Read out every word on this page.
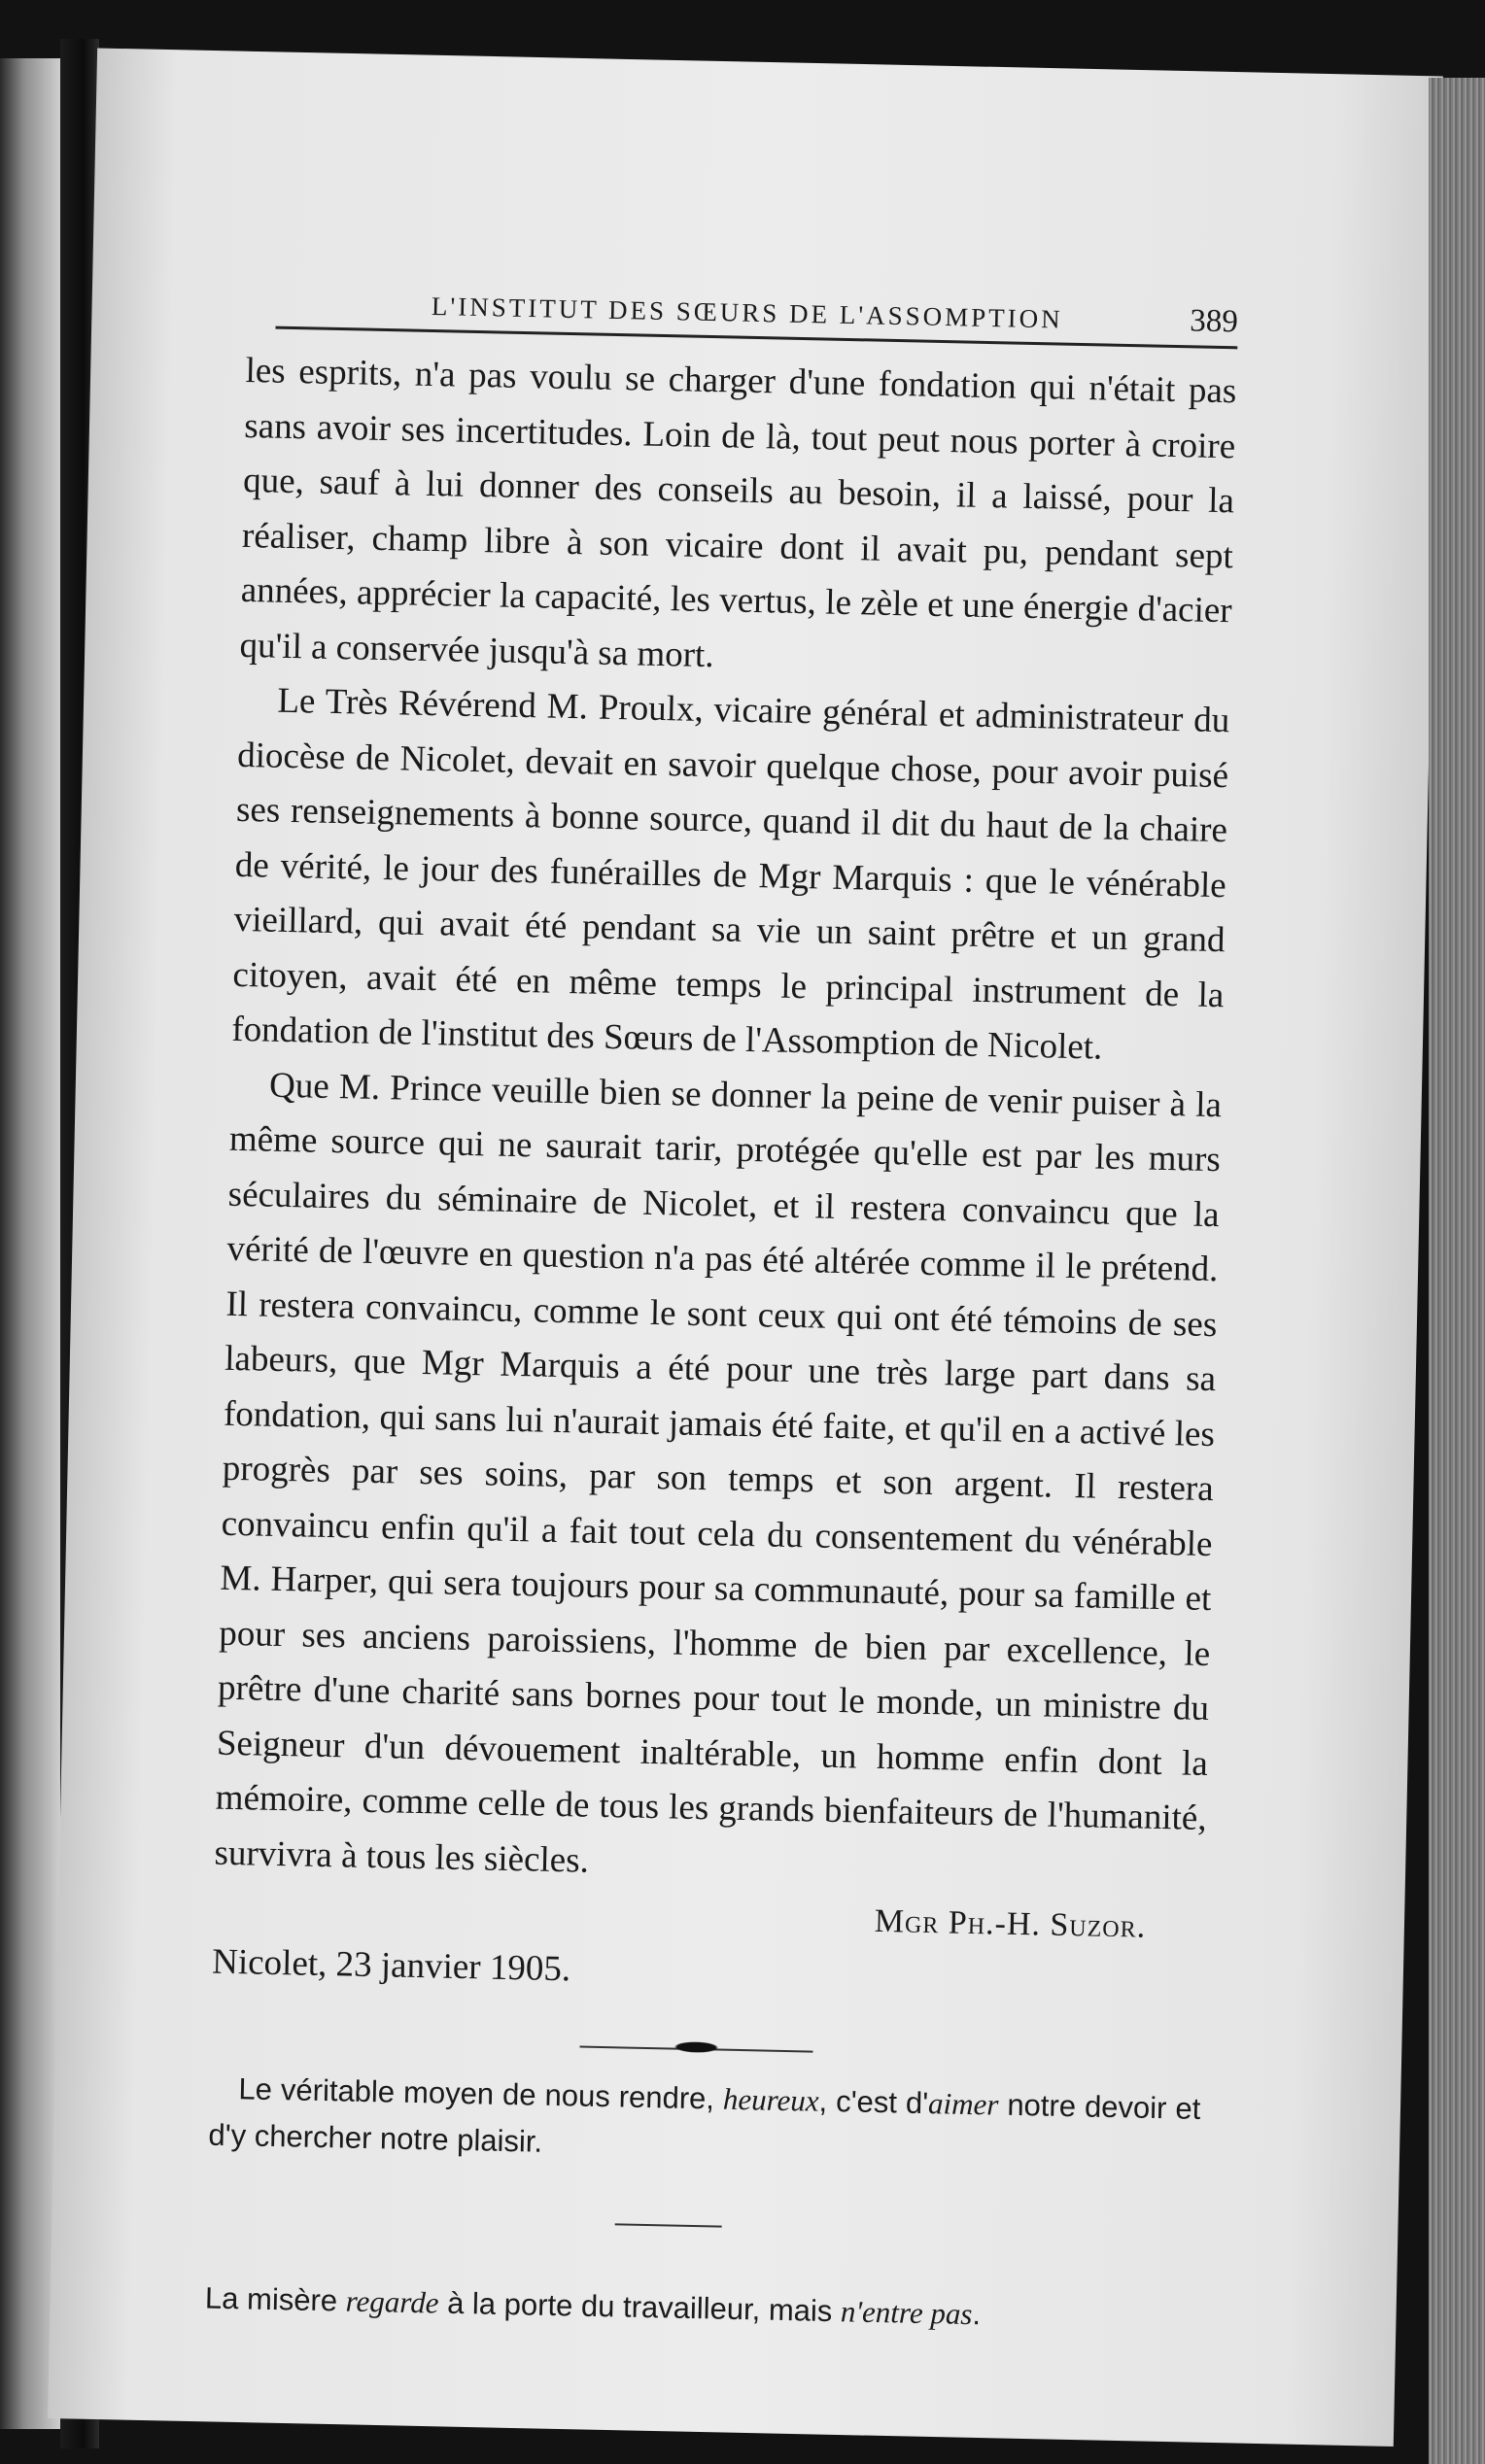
L'INSTITUT DES SŒURS DE L'ASSOMPTION	389

les esprits, n'a pas voulu se charger d'une fondation qui n'était pas sans avoir ses incertitudes. Loin de là, tout peut nous porter à croire que, sauf à lui donner des conseils au besoin, il a laissé, pour la réaliser, champ libre à son vicaire dont il avait pu, pendant sept années, apprécier la capacité, les vertus, le zèle et une énergie d'acier qu'il a conservée jusqu'à sa mort.

Le Très Révérend M. Proulx, vicaire général et administrateur du diocèse de Nicolet, devait en savoir quelque chose, pour avoir puisé ses renseignements à bonne source, quand il dit du haut de la chaire de vérité, le jour des funérailles de Mgr Marquis : que le vénérable vieillard, qui avait été pendant sa vie un saint prêtre et un grand citoyen, avait été en même temps le principal instrument de la fondation de l'institut des Sœurs de l'Assomption de Nicolet.

Que M. Prince veuille bien se donner la peine de venir puiser à la même source qui ne saurait tarir, protégée qu'elle est par les murs séculaires du séminaire de Nicolet, et il restera convaincu que la vérité de l'œuvre en question n'a pas été altérée comme il le prétend. Il restera convaincu, comme le sont ceux qui ont été témoins de ses labeurs, que Mgr Marquis a été pour une très large part dans sa fondation, qui sans lui n'aurait jamais été faite, et qu'il en a activé les progrès par ses soins, par son temps et son argent. Il restera convaincu enfin qu'il a fait tout cela du consentement du vénérable M. Harper, qui sera toujours pour sa communauté, pour sa famille et pour ses anciens paroissiens, l'homme de bien par excellence, le prêtre d'une charité sans bornes pour tout le monde, un ministre du Seigneur d'un dévouement inaltérable, un homme enfin dont la mémoire, comme celle de tous les grands bienfaiteurs de l'humanité, survivra à tous les siècles.

Mgr Ph.-H. Suzor.

Nicolet, 23 janvier 1905.

Le véritable moyen de nous rendre, heureux, c'est d'aimer notre devoir et d'y chercher notre plaisir.

La misère regarde à la porte du travailleur, mais n'entre pas.
